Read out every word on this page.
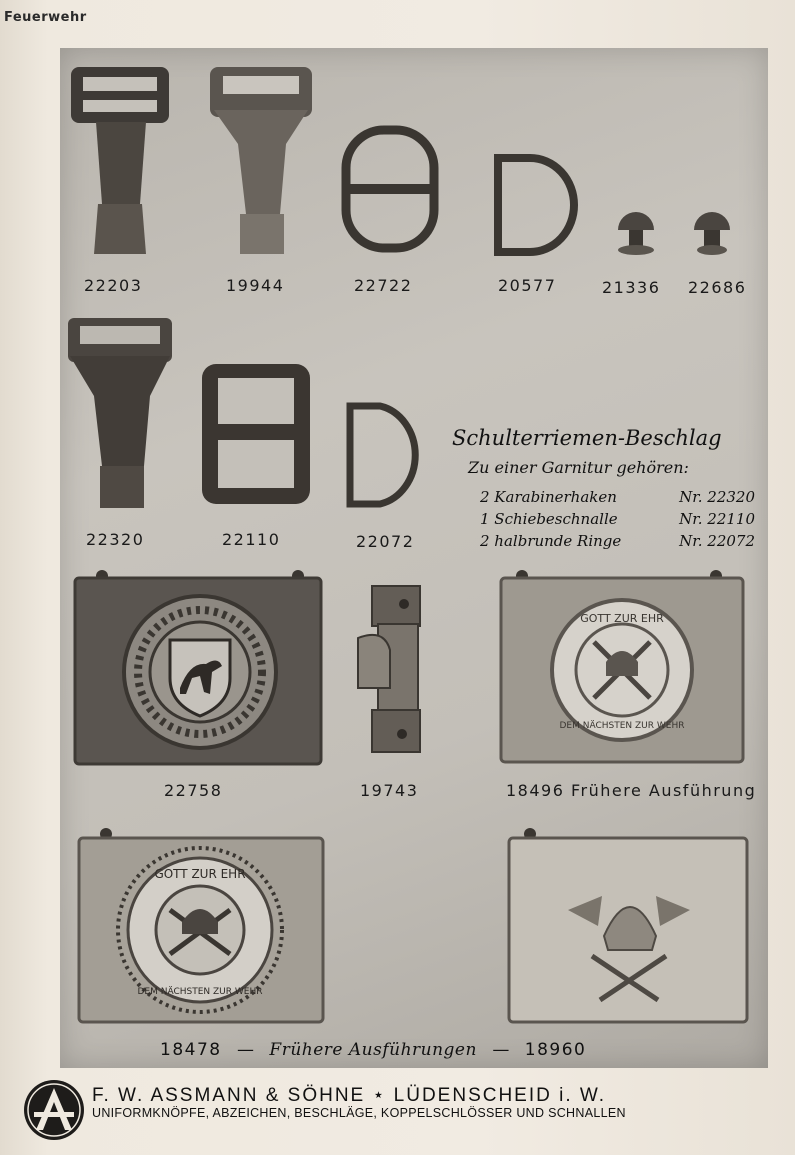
Feuerwehr
22203	19944	22722	20577	21336 22686
22320	22110	22072
Schulterriemen-Beschlag
Zu einer Garnitur gehören:
2 Karabinerhaken	Nr. 22320
1 Schiebeschnalle	Nr. 22110
2 halbrunde Ringe	Nr. 22072
GOTT ZUR EHR
DEM NÄCHSTEN ZUR WEHR
22758	19743	18496 Frühere Ausführung
GOTT ZUR EHR
DEM NÄCHSTEN ZUR WEHR
18478 — Frühere Ausführungen — 18960
F. W. ASSMANN & SÖHNE ⋆ LÜDENSCHEID i. W.
UNIFORMKNÖPFE, ABZEICHEN, BESCHLÄGE, KOPPELSCHLÖSSER UND SCHNALLEN
